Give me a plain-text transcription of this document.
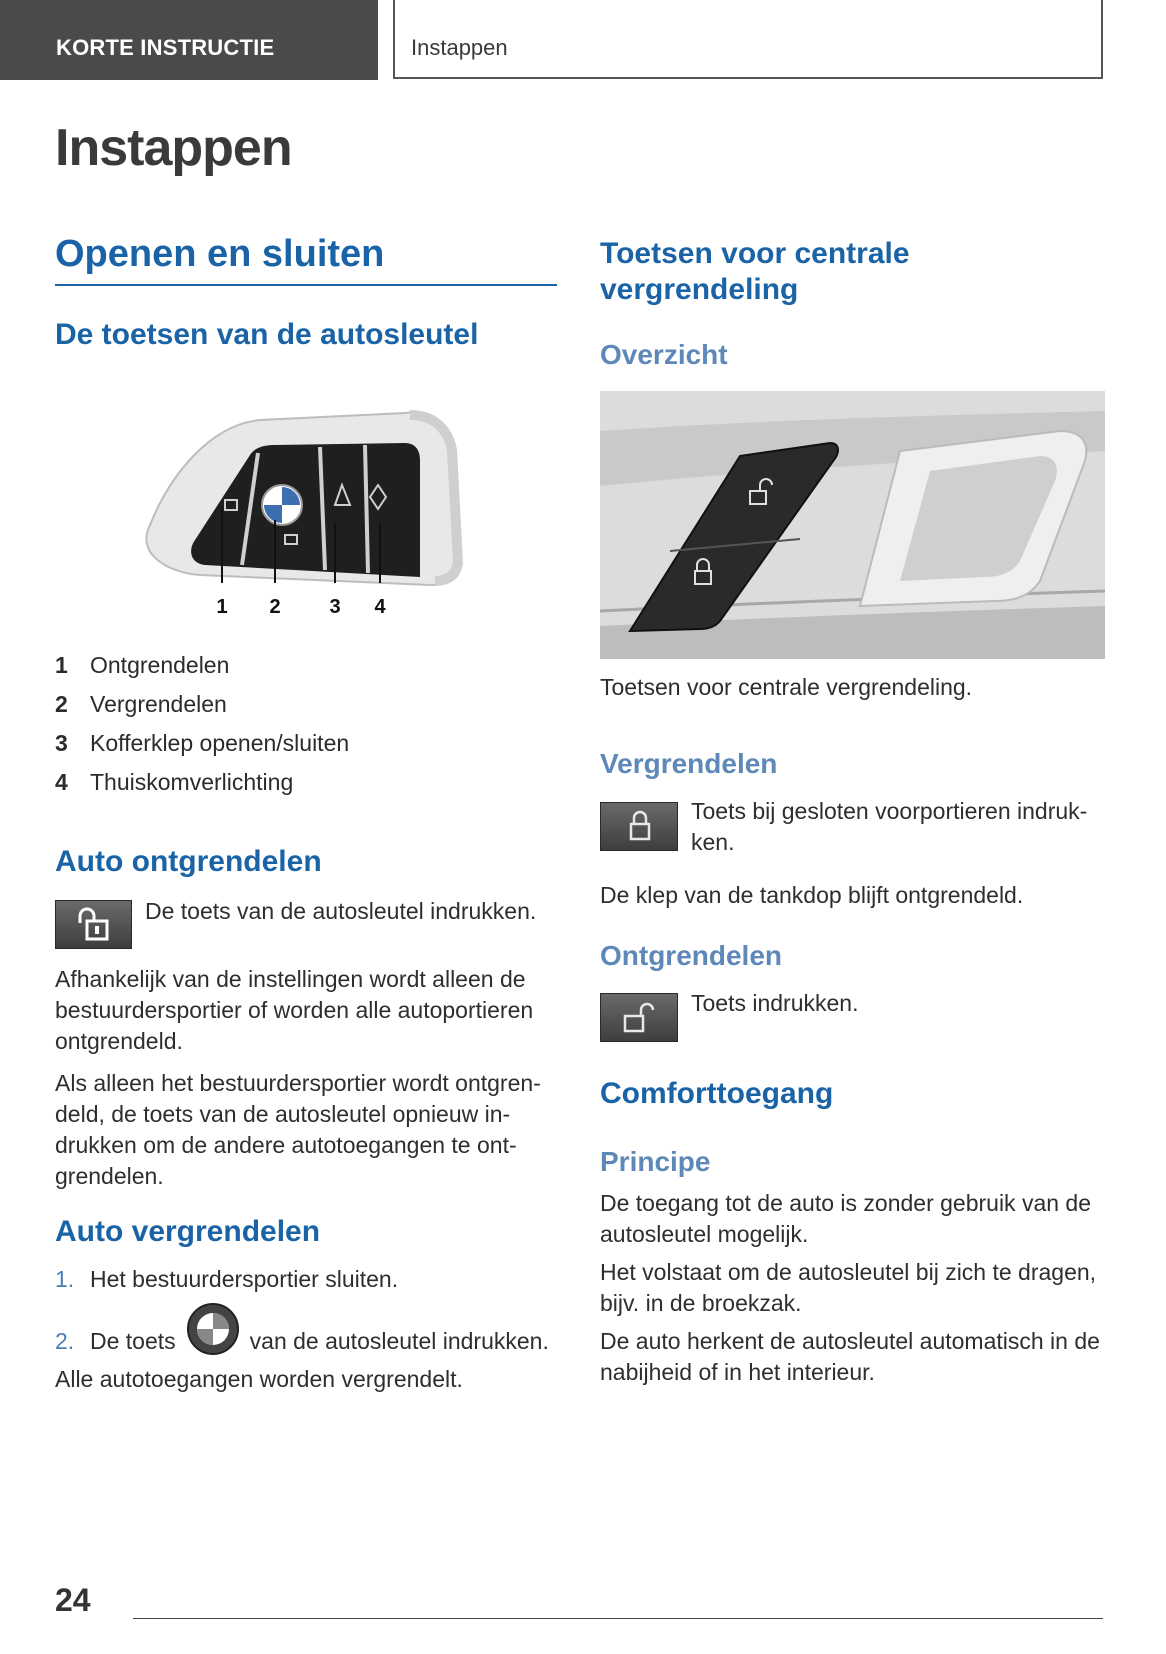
KORTE INSTRUCTIE	Instappen
Instappen
Openen en sluiten
De toetsen van de autosleutel
1 2 3 4
1 Ontgrendelen
2 Vergrendelen
3 Kofferklep openen/sluiten
4 Thuiskomverlichting
Auto ontgrendelen
De toets van de autosleutel indrukken.
Afhankelijk van de instellingen wordt alleen de bestuurdersportier of worden alle autoportieren ontgrendeld.
Als alleen het bestuurdersportier wordt ontgren-deld, de toets van de autosleutel opnieuw in-drukken om de andere autotoegangen te ont-grendelen.
Auto vergrendelen
1. Het bestuurdersportier sluiten.
2. De toets	van de autosleutel indrukken.
Alle autotoegangen worden vergrendelt.
Toetsen voor centrale vergrendeling
Overzicht
Toetsen voor centrale vergrendeling.
Vergrendelen
Toets bij gesloten voorportieren indruk-ken.
De klep van de tankdop blijft ontgrendeld.
Ontgrendelen
Toets indrukken.
Comforttoegang
Principe
De toegang tot de auto is zonder gebruik van de autosleutel mogelijk.
Het volstaat om de autosleutel bij zich te dragen, bijv. in de broekzak.
De auto herkent de autosleutel automatisch in de nabijheid of in het interieur.
24
